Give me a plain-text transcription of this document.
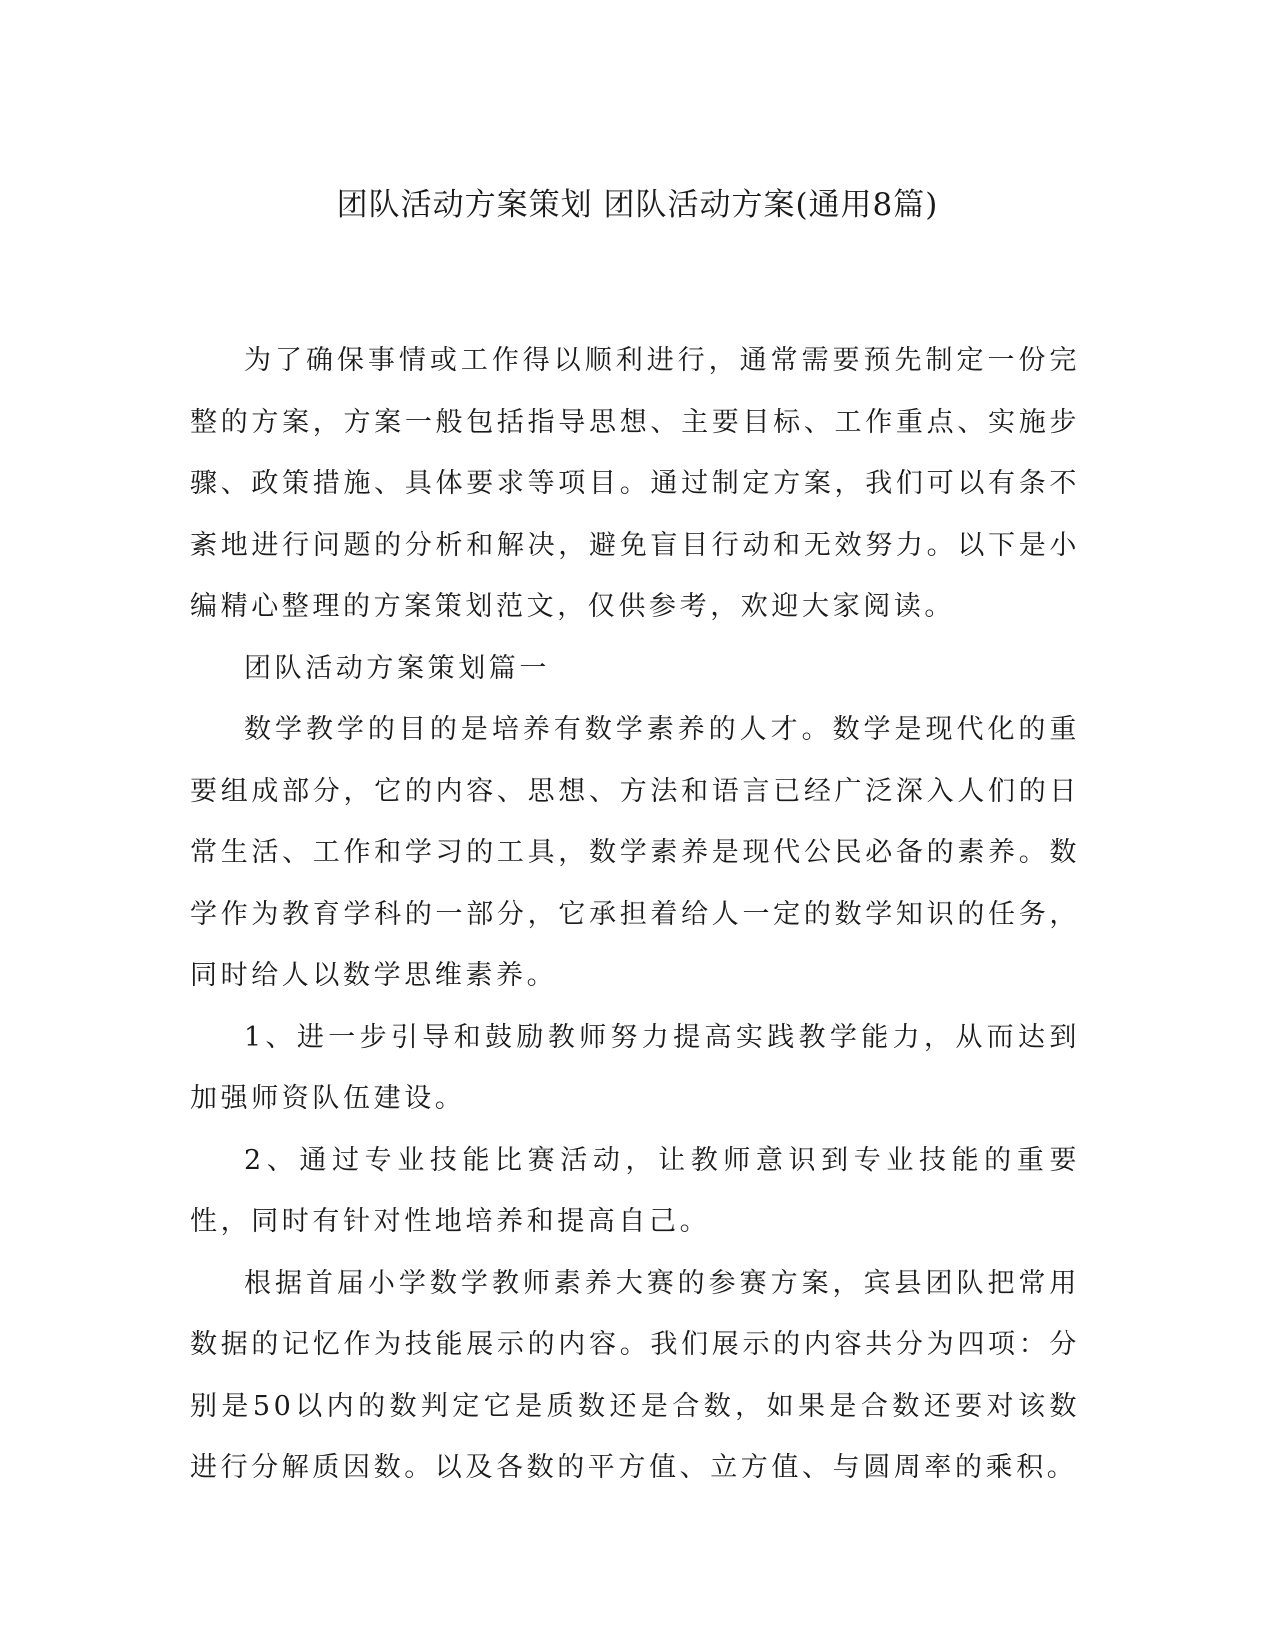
团队活动方案策划 团队活动方案(通用8篇)

为了确保事情或工作得以顺利进行，通常需要预先制定一份完整的方案，方案一般包括指导思想、主要目标、工作重点、实施步骤、政策措施、具体要求等项目。通过制定方案，我们可以有条不紊地进行问题的分析和解决，避免盲目行动和无效努力。以下是小编精心整理的方案策划范文，仅供参考，欢迎大家阅读。

团队活动方案策划篇一

数学教学的目的是培养有数学素养的人才。数学是现代化的重要组成部分，它的内容、思想、方法和语言已经广泛深入人们的日常生活、工作和学习的工具，数学素养是现代公民必备的素养。数学作为教育学科的一部分，它承担着给人一定的数学知识的任务，同时给人以数学思维素养。

1、进一步引导和鼓励教师努力提高实践教学能力，从而达到加强师资队伍建设。

2、通过专业技能比赛活动，让教师意识到专业技能的重要性，同时有针对性地培养和提高自己。

根据首届小学数学教师素养大赛的参赛方案，宾县团队把常用数据的记忆作为技能展示的内容。我们展示的内容共分为四项：分别是50以内的数判定它是质数还是合数，如果是合数还要对该数进行分解质因数。以及各数的平方值、立方值、与圆周率的乘积。
